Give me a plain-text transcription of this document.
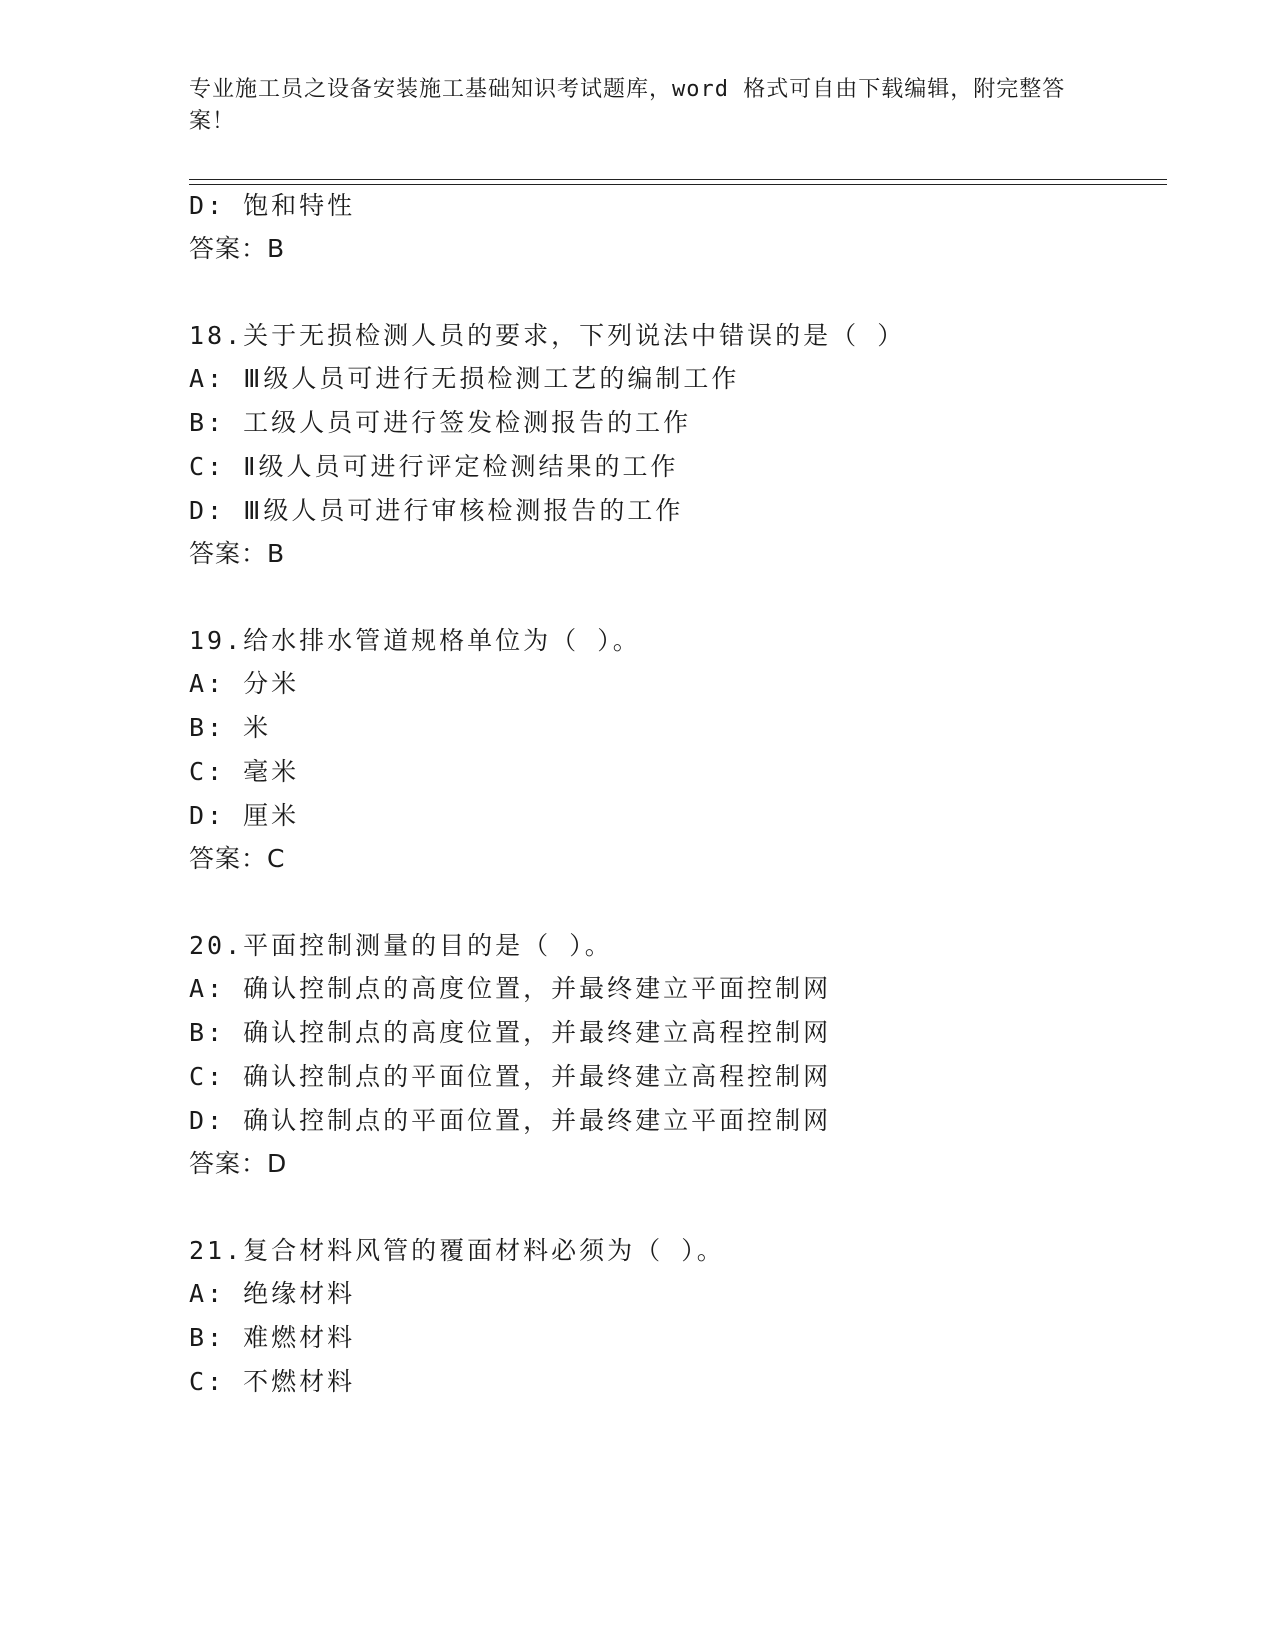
专业施工员之设备安装施工基础知识考试题库，word 格式可自由下载编辑，附完整答案！
D: 饱和特性
答案：B
18.关于无损检测人员的要求，下列说法中错误的是（ ）
A: Ⅲ级人员可进行无损检测工艺的编制工作
B: 工级人员可进行签发检测报告的工作
C: Ⅱ级人员可进行评定检测结果的工作
D: Ⅲ级人员可进行审核检测报告的工作
答案：B
19.给水排水管道规格单位为（ ）。
A: 分米
B: 米
C: 毫米
D: 厘米
答案：C
20.平面控制测量的目的是（ ）。
A: 确认控制点的高度位置，并最终建立平面控制网
B: 确认控制点的高度位置，并最终建立高程控制网
C: 确认控制点的平面位置，并最终建立高程控制网
D: 确认控制点的平面位置，并最终建立平面控制网
答案：D
21.复合材料风管的覆面材料必须为（ ）。
A: 绝缘材料
B: 难燃材料
C: 不燃材料
